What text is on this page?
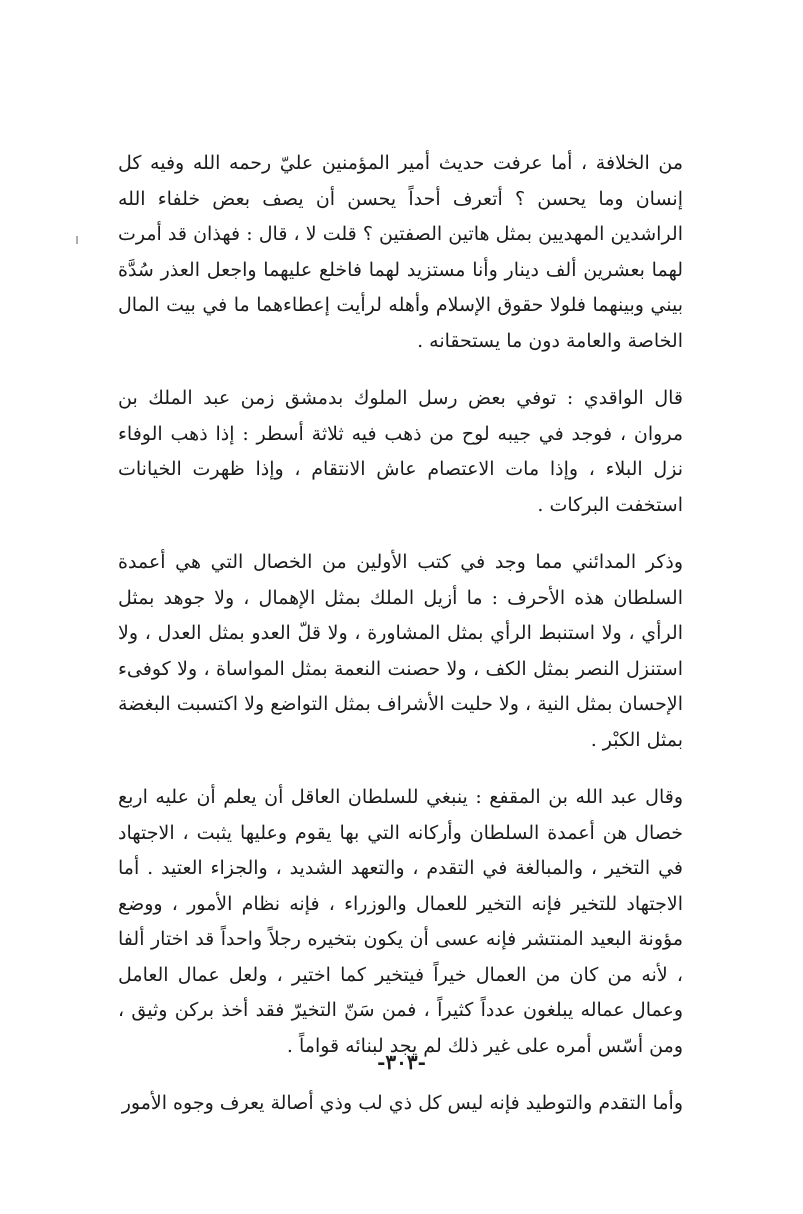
من الخلافة ، أما عرفت حديث أمير المؤمنين عليّ رحمه الله وفيه كل إنسان وما يحسن ؟ أتعرف أحداً يحسن أن يصف بعض خلفاء الله الراشدين المهديين بمثل هاتين الصفتين ؟ قلت لا ، قال : فهذان قد أمرت لهما بعشرين ألف دينار وأنا مستزيد لهما فاخلع عليهما واجعل العذر سُدَّة بيني وبينهما فلولا حقوق الإسلام وأهله لرأيت إعطاءهما ما في بيت المال الخاصة والعامة دون ما يستحقانه .

قال الواقدي : توفي بعض رسل الملوك بدمشق زمن عبد الملك بن مروان ، فوجد في جيبه لوح من ذهب فيه ثلاثة أسطر : إذا ذهب الوفاء نزل البلاء ، وإذا مات الاعتصام عاش الانتقام ، وإذا ظهرت الخيانات استخفت البركات .

وذكر المدائني مما وجد في كتب الأولين من الخصال التي هي أعمدة السلطان هذه الأحرف : ما أزيل الملك بمثل الإهمال ، ولا جوهد بمثل الرأي ، ولا استنبط الرأي بمثل المشاورة ، ولا قلّ العدو بمثل العدل ، ولا استنزل النصر بمثل الكف ، ولا حصنت النعمة بمثل المواساة ، ولا كوفىء الإحسان بمثل النية ، ولا حليت الأشراف بمثل التواضع ولا اكتسبت البغضة بمثل الكبْر .

وقال عبد الله بن المقفع : ينبغي للسلطان العاقل أن يعلم أن عليه اربع خصال هن أعمدة السلطان وأركانه التي بها يقوم وعليها يثبت ، الاجتهاد في التخير ، والمبالغة في التقدم ، والتعهد الشديد ، والجزاء العتيد . أما الاجتهاد للتخير فإنه التخير للعمال والوزراء ، فإنه نظام الأمور ، ووضع مؤونة البعيد المنتشر فإنه عسى أن يكون بتخيره رجلاً واحداً قد اختار ألفا ، لأنه من كان من العمال خيراً فيتخير كما اختير ، ولعل عمال العامل وعمال عماله يبلغون عدداً كثيراً ، فمن سَنّ التخيرّ فقد أخذ بركن وثيق ، ومن أسّس أمره على غير ذلك لم يجد لبنائه قواماً .

وأما التقدم والتوطيد فإنه ليس كل ذي لب وذي أصالة يعرف وجوه الأمور

-٣٠٣-
